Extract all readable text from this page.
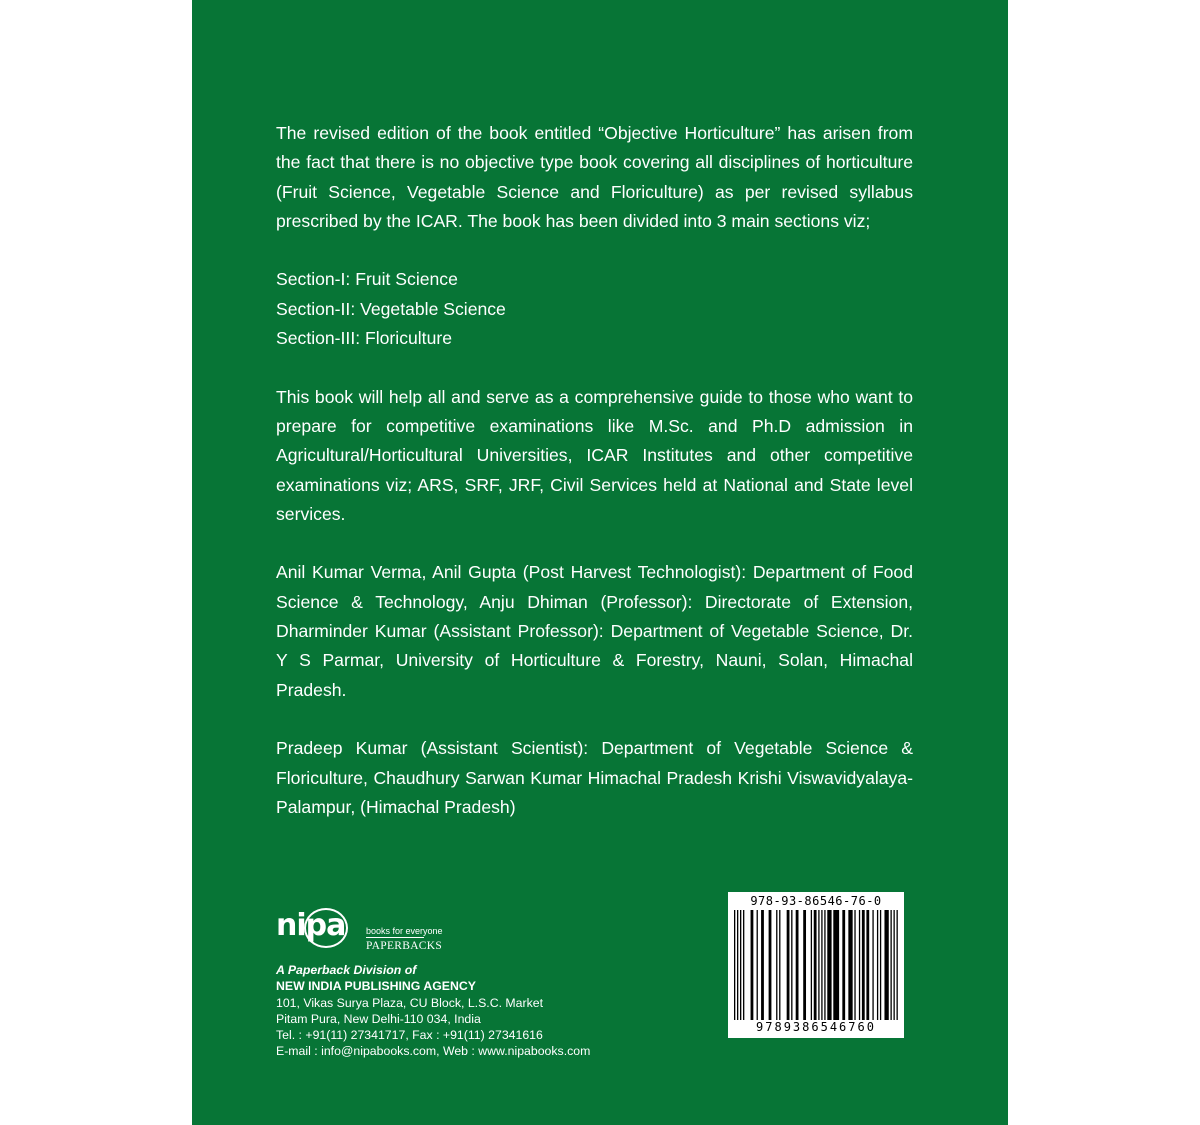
The revised edition of the book entitled “Objective Horticulture” has arisen from the fact that there is no objective type book covering all disciplines of horticulture (Fruit Science, Vegetable Science and Floriculture) as per revised syllabus prescribed by the ICAR. The book has been divided into 3 main sections viz;

Section-I: Fruit Science
Section-II: Vegetable Science
Section-III: Floriculture

This book will help all and serve as a comprehensive guide to those who want to prepare for competitive examinations like M.Sc. and Ph.D admission in Agricultural/Horticultural Universities, ICAR Institutes and other competitive examinations viz; ARS, SRF, JRF, Civil Services held at National and State level services.

Anil Kumar Verma, Anil Gupta (Post Harvest Technologist): Department of Food Science & Technology, Anju Dhiman (Professor): Directorate of Extension, Dharminder Kumar (Assistant Professor): Department of Vegetable Science, Dr. Y S Parmar, University of Horticulture & Forestry, Nauni, Solan, Himachal Pradesh.

Pradeep Kumar (Assistant Scientist): Department of Vegetable Science & Floriculture, Chaudhury Sarwan Kumar Himachal Pradesh Krishi Viswavidyalaya-Palampur, (Himachal Pradesh)

nipa books for everyone
PAPERBACKS
A Paperback Division of
NEW INDIA PUBLISHING AGENCY
101, Vikas Surya Plaza, CU Block, L.S.C. Market
Pitam Pura, New Delhi-110 034, India
Tel. : +91(11) 27341717, Fax : +91(11) 27341616
E-mail : info@nipabooks.com, Web : www.nipabooks.com
978-93-86546-76-0
9789386546760
